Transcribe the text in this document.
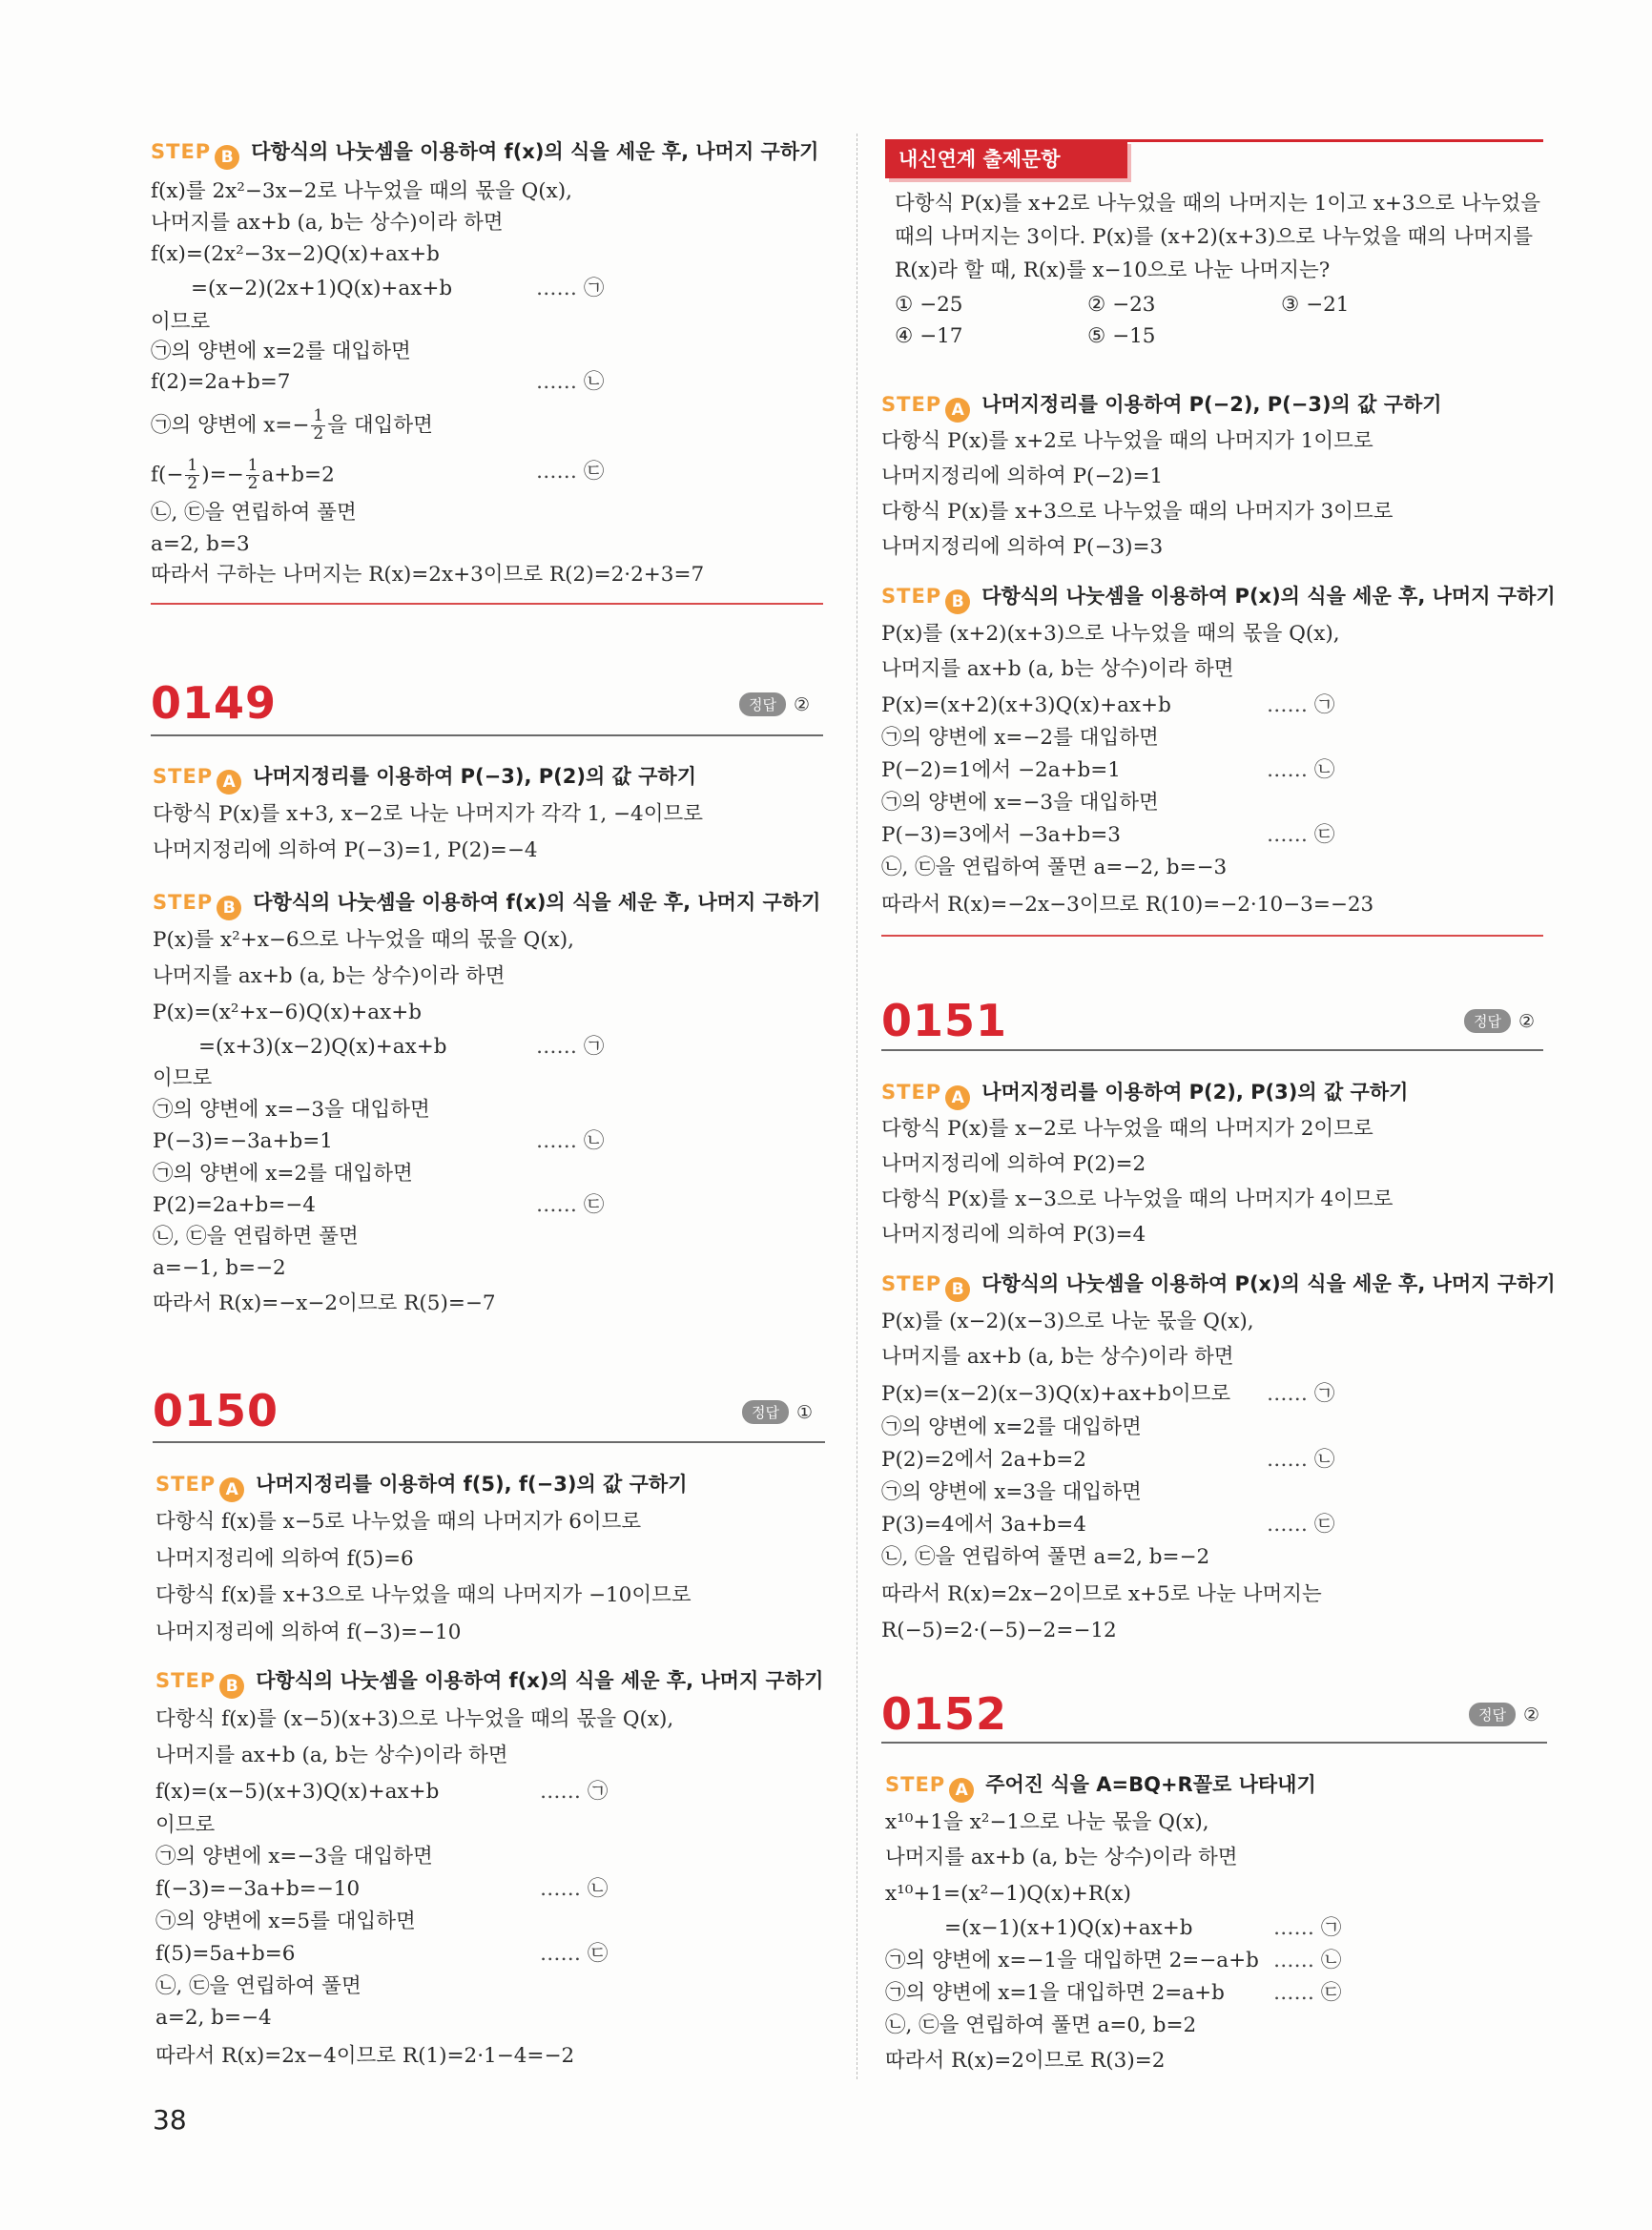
STEP B 다항식의 나눗셈을 이용하여 f(x)의 식을 세운 후, 나머지 구하기
f(x)를 2x²−3x−2로 나누었을 때의 몫을 Q(x),
나머지를 ax+b (a, b는 상수)이라 하면
f(x)=(2x²−3x−2)Q(x)+ax+b
=(x−2)(2x+1)Q(x)+ax+b	…… ㉠
이므로
㉠의 양변에 x=2를 대입하면
f(2)=2a+b=7	…… ㉡
㉠의 양변에 $x=- \frac{1}{2}$ 을 대입하면
$f(- \frac{1}{2}$ )=− $\frac{1}{2} a+b=2$	…… ㉢
㉡, ㉢을 연립하여 풀면
a=2, b=3
따라서 구하는 나머지는 R(x)=2x+3이므로 R(2)=2·2+3=7
0149	정답 ②
STEP A 나머지정리를 이용하여 P(−3), P(2)의 값 구하기
다항식 P(x)를 x+3, x−2로 나눈 나머지가 각각 1, −4이므로
나머지정리에 의하여 P(−3)=1, P(2)=−4
STEP B 다항식의 나눗셈을 이용하여 f(x)의 식을 세운 후, 나머지 구하기
P(x)를 x²+x−6으로 나누었을 때의 몫을 Q(x),
나머지를 ax+b (a, b는 상수)이라 하면
P(x)=(x²+x−6)Q(x)+ax+b
=(x+3)(x−2)Q(x)+ax+b	…… ㉠
이므로
㉠의 양변에 x=−3을 대입하면
P(−3)=−3a+b=1	…… ㉡
㉠의 양변에 x=2를 대입하면
P(2)=2a+b=−4	…… ㉢
㉡, ㉢을 연립하면 풀면
a=−1, b=−2
따라서 R(x)=−x−2이므로 R(5)=−7
0150	정답 ①
STEP A 나머지정리를 이용하여 f(5), f(−3)의 값 구하기
다항식 f(x)를 x−5로 나누었을 때의 나머지가 6이므로
나머지정리에 의하여 f(5)=6
다항식 f(x)를 x+3으로 나누었을 때의 나머지가 −10이므로
나머지정리에 의하여 f(−3)=−10
STEP B 다항식의 나눗셈을 이용하여 f(x)의 식을 세운 후, 나머지 구하기
다항식 f(x)를 (x−5)(x+3)으로 나누었을 때의 몫을 Q(x),
나머지를 ax+b (a, b는 상수)이라 하면
f(x)=(x−5)(x+3)Q(x)+ax+b	…… ㉠
이므로
㉠의 양변에 x=−3을 대입하면
f(−3)=−3a+b=−10	…… ㉡
㉠의 양변에 x=5를 대입하면
f(5)=5a+b=6	…… ㉢
㉡, ㉢을 연립하여 풀면
a=2, b=−4
따라서 R(x)=2x−4이므로 R(1)=2·1−4=−2
38
내신연계 출제문항
다항식 P(x)를 x+2로 나누었을 때의 나머지는 1이고 x+3으로 나누었을
때의 나머지는 3이다. P(x)를 (x+2)(x+3)으로 나누었을 때의 나머지를
R(x)라 할 때, R(x)를 x−10으로 나눈 나머지는?
① −25	② −23	③ −21
④ −17	⑤ −15
STEP A 나머지정리를 이용하여 P(−2), P(−3)의 값 구하기
다항식 P(x)를 x+2로 나누었을 때의 나머지가 1이므로
나머지정리에 의하여 P(−2)=1
다항식 P(x)를 x+3으로 나누었을 때의 나머지가 3이므로
나머지정리에 의하여 P(−3)=3
STEP B 다항식의 나눗셈을 이용하여 P(x)의 식을 세운 후, 나머지 구하기
P(x)를 (x+2)(x+3)으로 나누었을 때의 몫을 Q(x),
나머지를 ax+b (a, b는 상수)이라 하면
P(x)=(x+2)(x+3)Q(x)+ax+b	…… ㉠
㉠의 양변에 x=−2를 대입하면
P(−2)=1에서 −2a+b=1	…… ㉡
㉠의 양변에 x=−3을 대입하면
P(−3)=3에서 −3a+b=3	…… ㉢
㉡, ㉢을 연립하여 풀면 a=−2, b=−3
따라서 R(x)=−2x−3이므로 R(10)=−2·10−3=−23
0151	정답 ②
STEP A 나머지정리를 이용하여 P(2), P(3)의 값 구하기
다항식 P(x)를 x−2로 나누었을 때의 나머지가 2이므로
나머지정리에 의하여 P(2)=2
다항식 P(x)를 x−3으로 나누었을 때의 나머지가 4이므로
나머지정리에 의하여 P(3)=4
STEP B 다항식의 나눗셈을 이용하여 P(x)의 식을 세운 후, 나머지 구하기
P(x)를 (x−2)(x−3)으로 나눈 몫을 Q(x),
나머지를 ax+b (a, b는 상수)이라 하면
P(x)=(x−2)(x−3)Q(x)+ax+b이므로 …… ㉠
㉠의 양변에 x=2를 대입하면
P(2)=2에서 2a+b=2	…… ㉡
㉠의 양변에 x=3을 대입하면
P(3)=4에서 3a+b=4	…… ㉢
㉡, ㉢을 연립하여 풀면 a=2, b=−2
따라서 R(x)=2x−2이므로 x+5로 나눈 나머지는
R(−5)=2·(−5)−2=−12
0152	정답 ②
STEP A 주어진 식을 A=BQ+R꼴로 나타내기
x¹⁰+1을 x²−1으로 나눈 몫을 Q(x),
나머지를 ax+b (a, b는 상수)이라 하면
x¹⁰+1=(x²−1)Q(x)+R(x)
=(x−1)(x+1)Q(x)+ax+b	…… ㉠
㉠의 양변에 x=−1을 대입하면 2=−a+b …… ㉡
㉠의 양변에 x=1을 대입하면 2=a+b …… ㉢
㉡, ㉢을 연립하여 풀면 a=0, b=2
따라서 R(x)=2이므로 R(3)=2
